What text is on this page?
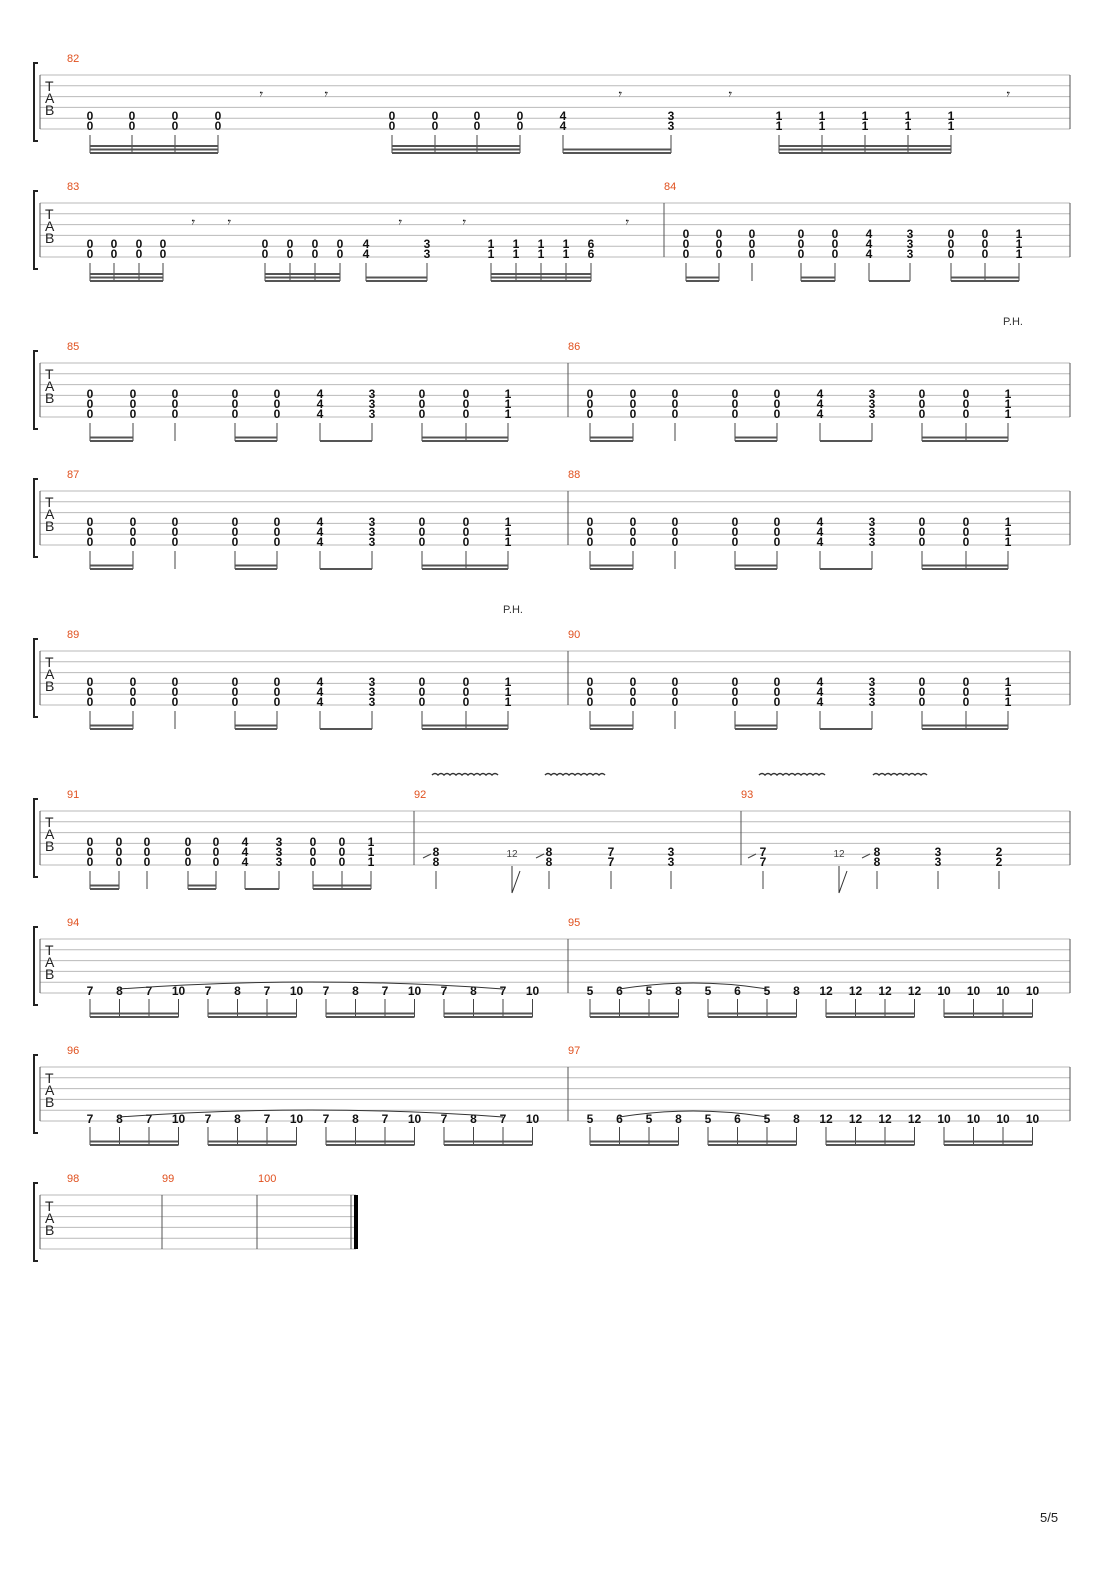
T
A
B
82
0	0	0	0
0	0	0	0
0	0	0	0
0	0	0	0
4	3
4	3
1	1	1	1	1
1	1	1	1	1
𝄾	𝄾	𝄾	𝄾	𝄾
T
A
B
83	84
0 0 0 0
0 0 0 0
0 0 0 0
0 0 0 0
4	3
4	3
1 1 1 1 6
1 1 1 1 6
𝄾 𝄾	𝄾	𝄾	𝄾
0 0 0	0 0 4	3	0 0 1
0 0 0	0 0 4	3	0 0 1
0 0 0	0 0 4	3	0 0 1
T
A
B
85	86
0	0	0	0	0	4	3	0	0	1
0	0	0	0	0	4	3	0	0	1
0	0	0	0	0	4	3	0	0	1
0	0	0	0	0	4	3	0	0	1
0	0	0	0	0	4	3	0	0	1
0	0	0	0	0	4	3	0	0	1
P.H.
T
A
B
87	88
0	0	0	0	0	4	3	0	0	1
0	0	0	0	0	4	3	0	0	1
0	0	0	0	0	4	3	0	0	1
0	0	0	0	0	4	3	0	0	1
0	0	0	0	0	4	3	0	0	1
0	0	0	0	0	4	3	0	0	1
T
A
B
89	90
0	0	0	0	0	4	3	0	0	1
0	0	0	0	0	4	3	0	0	1
0	0	0	0	0	4	3	0	0	1
0	0	0	0	0	4	3	0	0	1
0	0	0	0	0	4	3	0	0	1
0	0	0	0	0	4	3	0	0	1
P.H.
T
A
B
91	92	93
0 0 0	0 0 4 3 0 0 1
0 0 0	0 0 4 3 0 0 1
0 0 0	0 0 4 3 0 0 1
8
8
12 8
8
7
7
3
3
7
7
12 8
8
3
3
2
2
T
A
B
94	95
7 8 7 10 7 8 7 10 7 8 7 10 7 8 7 10	5 6 5 8 5 6 5 8 12 12 12 12 10 10 10 10
T
A
B
96	97
7 8 7 10 7 8 7 10 7 8 7 10 7 8 7 10	5 6 5 8 5 6 5 8 12 12 12 12 10 10 10 10
T
A
B
98	99	100
5/5
